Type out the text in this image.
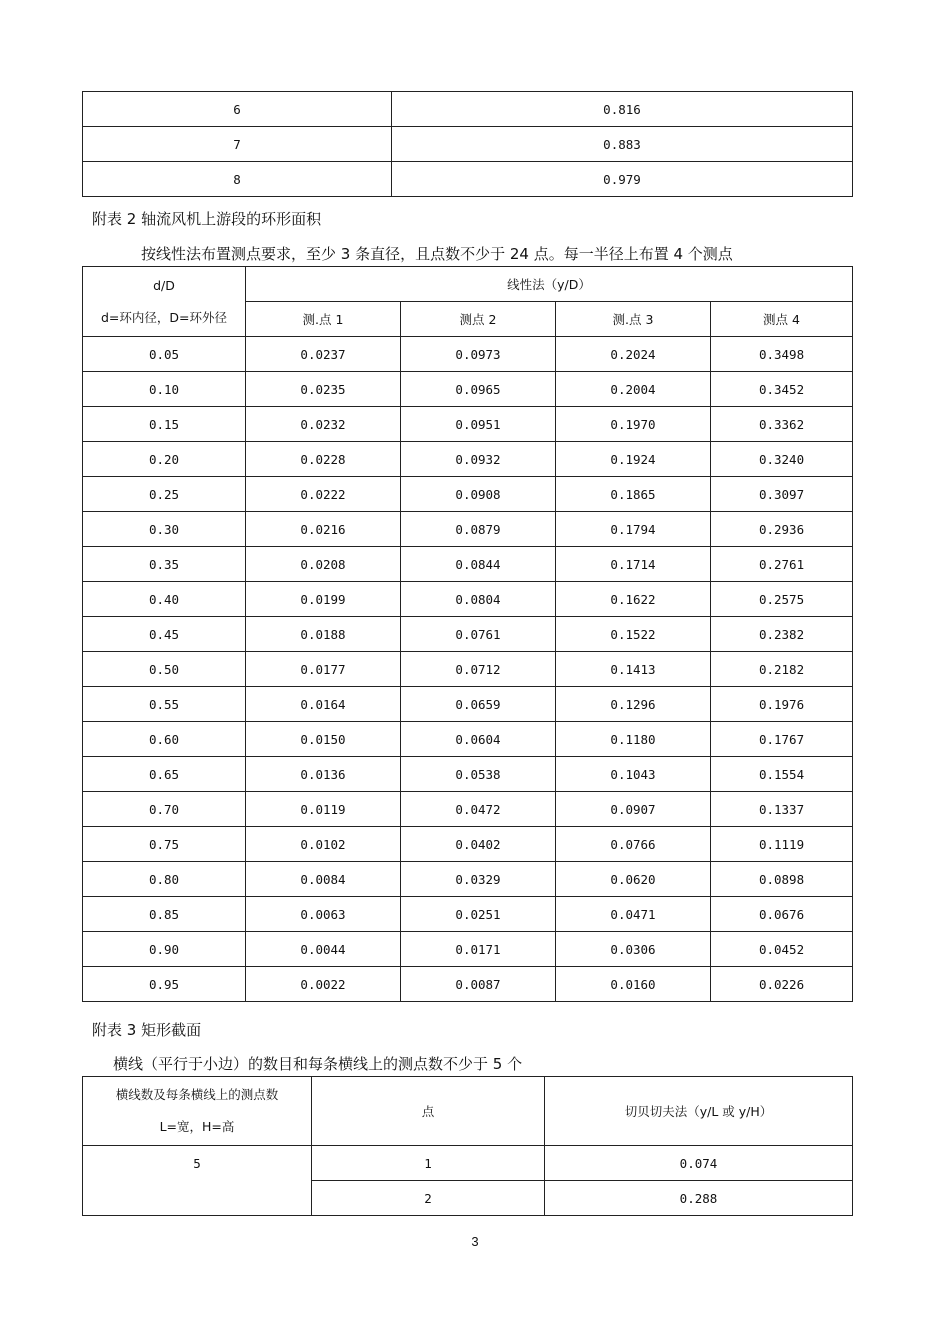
6	0.816
7	0.883
8	0.979
附表 2 轴流风机上游段的环形面积
按线性法布置测点要求，至少 3 条直径，且点数不少于 24 点。每一半径上布置 4 个测点
d/D
d=环内径，D=环外径	线性法（y/D）			
	测.点 1	测点 2	测.点 3	测点 4
0.05	0.0237	0.0973	0.2024	0.3498
0.10	0.0235	0.0965	0.2004	0.3452
0.15	0.0232	0.0951	0.1970	0.3362
0.20	0.0228	0.0932	0.1924	0.3240
0.25	0.0222	0.0908	0.1865	0.3097
0.30	0.0216	0.0879	0.1794	0.2936
0.35	0.0208	0.0844	0.1714	0.2761
0.40	0.0199	0.0804	0.1622	0.2575
0.45	0.0188	0.0761	0.1522	0.2382
0.50	0.0177	0.0712	0.1413	0.2182
0.55	0.0164	0.0659	0.1296	0.1976
0.60	0.0150	0.0604	0.1180	0.1767
0.65	0.0136	0.0538	0.1043	0.1554
0.70	0.0119	0.0472	0.0907	0.1337
0.75	0.0102	0.0402	0.0766	0.1119
0.80	0.0084	0.0329	0.0620	0.0898
0.85	0.0063	0.0251	0.0471	0.0676
0.90	0.0044	0.0171	0.0306	0.0452
0.95	0.0022	0.0087	0.0160	0.0226
附表 3 矩形截面
横线（平行于小边）的数目和每条横线上的测点数不少于 5 个
横线数及每条横线上的测点数
L=宽，H=高	点	切贝切夫法（y/L 或 y/H）
5	1	0.074
	2	0.288
3
